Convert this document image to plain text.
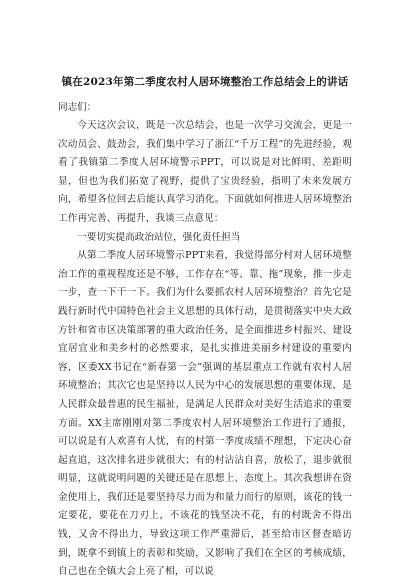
镇在2023年第二季度农村人居环境整治工作总结会上的讲话

同志们：

今天这次会议，既是一次总结会，也是一次学习交流会，更是一次动员会、鼓劲会，我们集中学习了浙江“千万工程”的先进经验，观看了我镇第二季度人居环境警示PPT，可以说是对比鲜明、差距明显，但也为我们拓宽了视野，提供了宝贵经验，指明了未来发展方向，希望各位回去后能认真学习消化。下面就如何推进人居环境整治工作再完善、再提升，我谈三点意见：

一要切实提高政治站位，强化责任担当

从第二季度人居环境警示PPT来看，我觉得部分村对人居环境整治工作的重视程度还是不够，工作存在“等、靠、拖”现象，推一步走一步，查一下干一下。我们为什么要抓农村人居环境整治？首先它是践行新时代中国特色社会主义思想的具体行动，是贯彻落实中央大政方针和省市区决策部署的重大政治任务，是全面推进乡村振兴、建设宜居宜业和美乡村的必然要求，是扎实推进美丽乡村建设的重要内容，区委XX书记在“新春第一会”强调的基层重点工作就有农村人居环境整治；其次它也是坚持以人民为中心的发展思想的重要体现，是人民群众最普惠的民生福祉，是满足人民群众对美好生活追求的重要方面。XX主席刚刚对第二季度农村人居环境整治工作进行了通报，可以说是有人欢喜有人忧，有的村第一季度成绩不理想，下定决心奋起直追，这次排名进步就很大；有的村沾沾自喜，放松了，退步就很明显，这就说明问题的关键还是在思想上、态度上。其次我想讲在资金使用上，我们还是要坚持尽力而为和量力而行的原则，该花的钱一定要花，要花在刀刃上，不该花的钱坚决不花，有的村既舍不得出钱，又舍不得出力，导致这项工作严重滞后，甚至给市区督查暗访到，既拿不到镇上的表彰和奖励，又影响了我们在全区的考核成绩，自己也在全镇大会上亮了相，可以说
